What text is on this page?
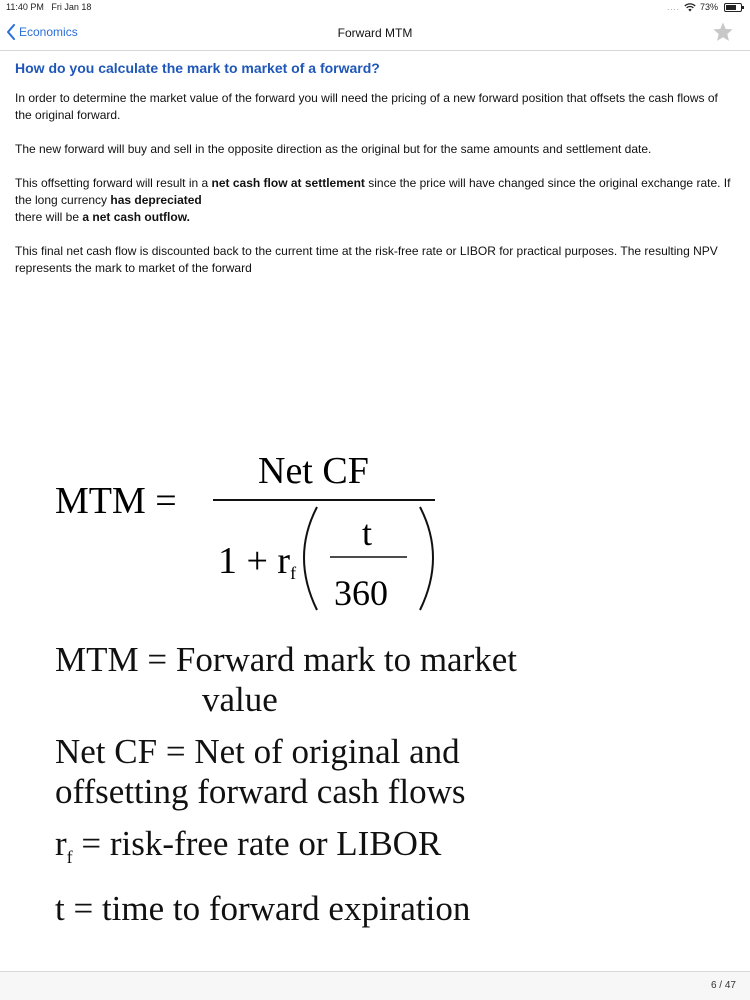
11:40 PM Fri Jan 18	.... 73%
Economics	Forward MTM
How do you calculate the mark to market of a forward?

In order to determine the market value of the forward you will need the pricing of a new forward position that offsets the cash flows of the original forward.

The new forward will buy and sell in the opposite direction as the original but for the same amounts and settlement date.

This offsetting forward will result in a net cash flow at settlement since the price will have changed since the original exchange rate. If the long currency has depreciated
there will be a net cash outflow.

This final net cash flow is discounted back to the current time at the risk-free rate or LIBOR for practical purposes. The resulting NPV represents the mark to market of the forward

MTM =
Net CF
1 + rf
t
360
MTM = Forward mark to market
value
Net CF = Net of original and
offsetting forward cash flows
$r_f$ = risk-free rate or LIBOR
t = time to forward expiration
6 / 47
